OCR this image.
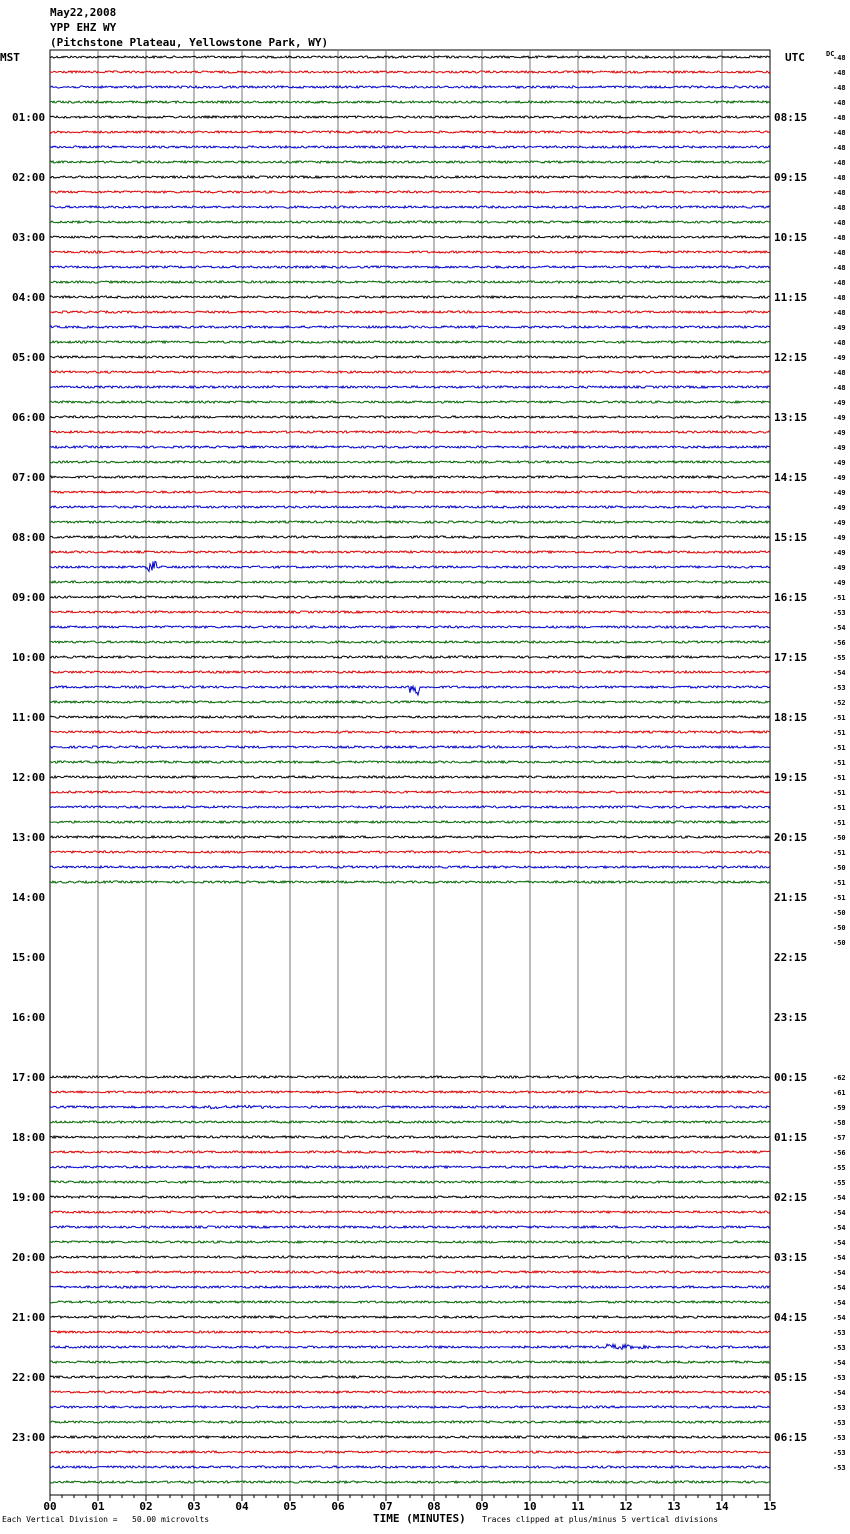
May22,2008
YPP EHZ WY
(Pitchstone Plateau, Yellowstone Park, WY)
MST	UTC	DC
01:00
02:00
03:00
04:00
05:00
06:00
07:00
08:00
09:00
10:00
11:00
12:00
13:00
14:00
15:00
16:00
17:00
18:00
19:00
20:00
21:00
22:00
23:00
08:15
09:15
10:15
11:15
12:15
13:15
14:15
15:15
16:15
17:15
18:15
19:15
20:15
21:15
22:15
23:15
00:15
01:15
02:15
03:15
04:15
05:15
06:15
-48
-48
-48
-48
-48
-48
-48
-48
-48
-48
-48
-48
-48
-48
-48
-48
-48
-48
-49
-48
-49
-48
-48
-49
-49
-49
-49
-49
-49
-49
-49
-49
-49
-49
-49
-49
-51
-53
-54
-56
-55
-54
-53
-52
-51
-51
-51
-51
-51
-51
-51
-51
-50
-51
-50
-51
-51
-50
-50
-50
-62
-61
-59
-58
-57
-56
-55
-55
-54
-54
-54
-54
-54
-54
-54
-54
-54
-53
-53
-54
-53
-54
-53
-53
-53
-53
-53
00	01	02	03	04	05	06	07	08	09	10	11	12	13	14	15
Each Vertical Division =   50.00 microvolts	TIME (MINUTES) Traces clipped at plus/minus 5 vertical divisions
